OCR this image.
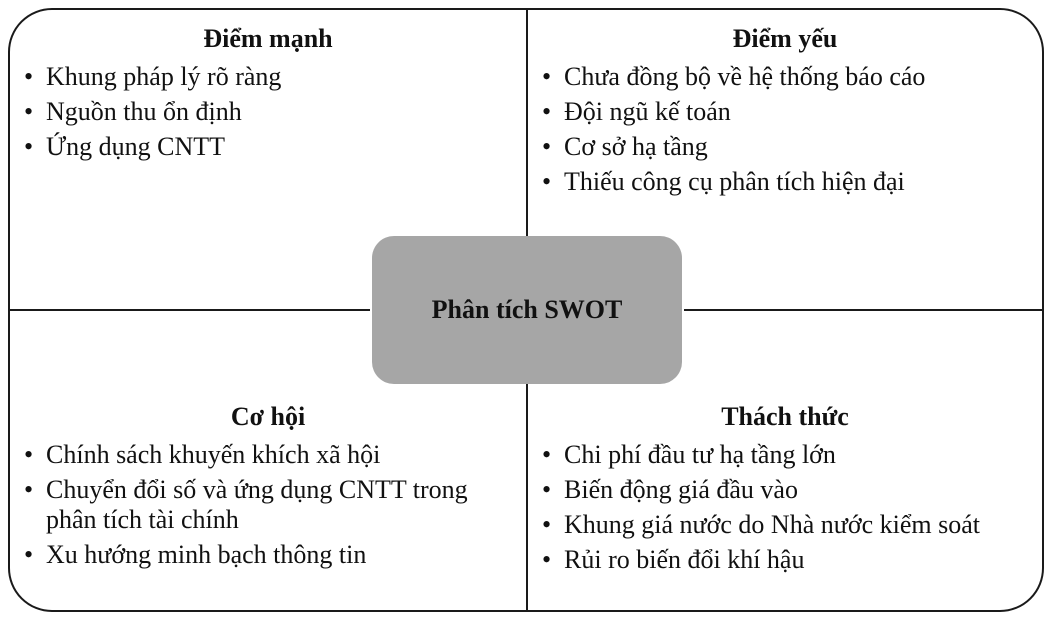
Điểm mạnh
• Khung pháp lý rõ ràng
• Nguồn thu ổn định
• Ứng dụng CNTT
Điểm yếu
• Chưa đồng bộ về hệ thống báo cáo
• Đội ngũ kế toán
• Cơ sở hạ tầng
• Thiếu công cụ phân tích hiện đại
Cơ hội
• Chính sách khuyến khích xã hội
• Chuyển đổi số và ứng dụng CNTT trong phân tích tài chính
• Xu hướng minh bạch thông tin
Thách thức
• Chi phí đầu tư hạ tầng lớn
• Biến động giá đầu vào
• Khung giá nước do Nhà nước kiểm soát
• Rủi ro biến đổi khí hậu
Phân tích SWOT
